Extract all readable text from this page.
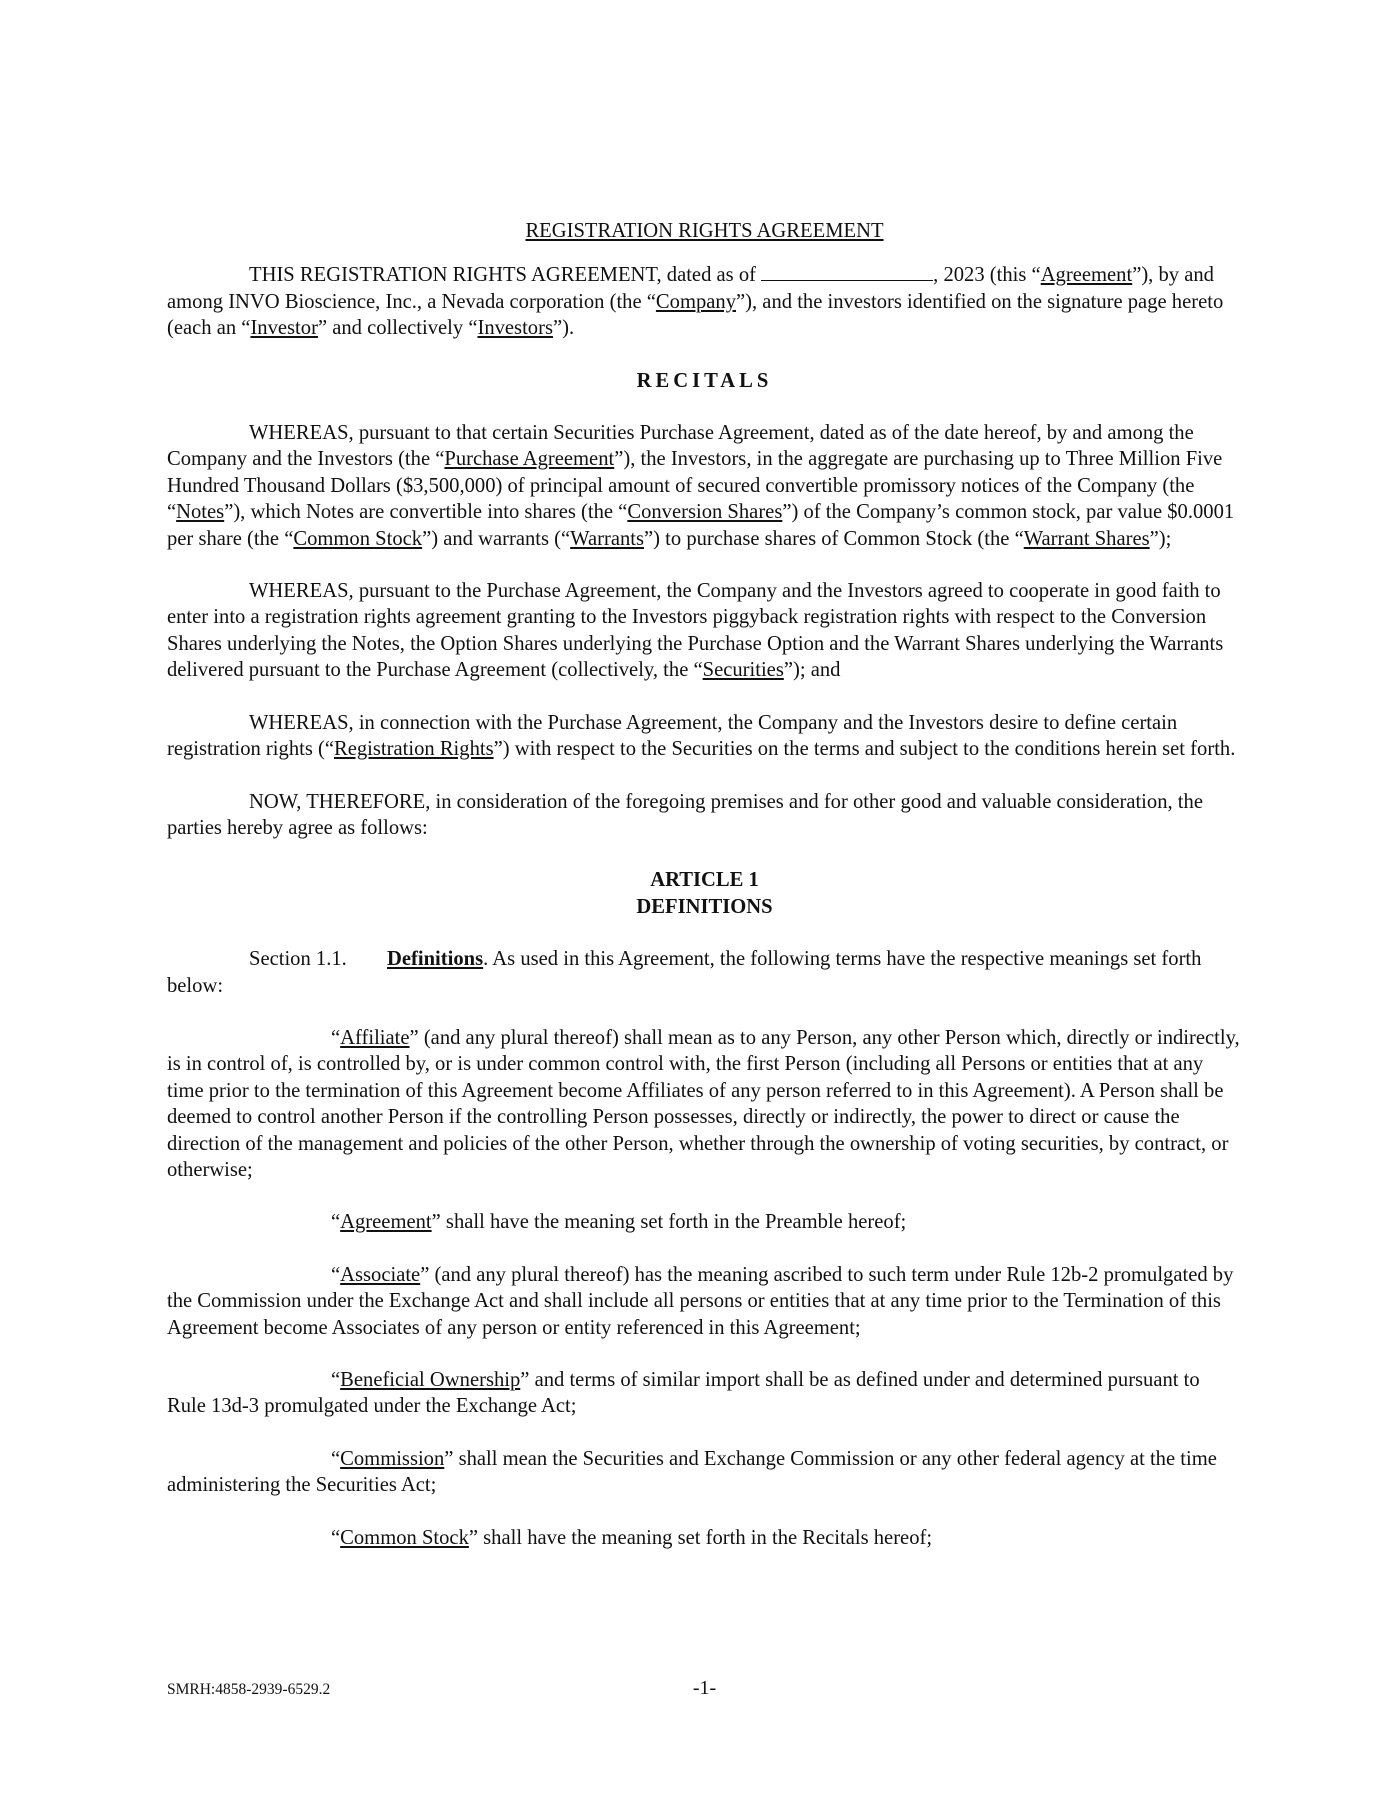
REGISTRATION RIGHTS AGREEMENT

THIS REGISTRATION RIGHTS AGREEMENT, dated as of	, 2023 (this “Agreement”), by and among INVO Bioscience, Inc., a Nevada corporation (the “Company”), and the investors identified on the signature page hereto (each an “Investor” and collectively “Investors”).

RECITALS

WHEREAS, pursuant to that certain Securities Purchase Agreement, dated as of the date hereof, by and among the Company and the Investors (the “Purchase Agreement”), the Investors, in the aggregate are purchasing up to Three Million Five Hundred Thousand Dollars ($3,500,000) of principal amount of secured convertible promissory notices of the Company (the “Notes”), which Notes are convertible into shares (the “Conversion Shares”) of the Company’s common stock, par value $0.0001 per share (the “Common Stock”) and warrants (“Warrants”) to purchase shares of Common Stock (the “Warrant Shares”);

WHEREAS, pursuant to the Purchase Agreement, the Company and the Investors agreed to cooperate in good faith to enter into a registration rights agreement granting to the Investors piggyback registration rights with respect to the Conversion Shares underlying the Notes, the Option Shares underlying the Purchase Option and the Warrant Shares underlying the Warrants delivered pursuant to the Purchase Agreement (collectively, the “Securities”); and

WHEREAS, in connection with the Purchase Agreement, the Company and the Investors desire to define certain registration rights (“Registration Rights”) with respect to the Securities on the terms and subject to the conditions herein set forth.

NOW, THEREFORE, in consideration of the foregoing premises and for other good and valuable consideration, the parties hereby agree as follows:

ARTICLE 1
DEFINITIONS

Section 1.1. Definitions. As used in this Agreement, the following terms have the respective meanings set forth below:

“Affiliate” (and any plural thereof) shall mean as to any Person, any other Person which, directly or indirectly, is in control of, is controlled by, or is under common control with, the first Person (including all Persons or entities that at any time prior to the termination of this Agreement become Affiliates of any person referred to in this Agreement). A Person shall be deemed to control another Person if the controlling Person possesses, directly or indirectly, the power to direct or cause the direction of the management and policies of the other Person, whether through the ownership of voting securities, by contract, or otherwise;

“Agreement” shall have the meaning set forth in the Preamble hereof;

“Associate” (and any plural thereof) has the meaning ascribed to such term under Rule 12b-2 promulgated by the Commission under the Exchange Act and shall include all persons or entities that at any time prior to the Termination of this Agreement become Associates of any person or entity referenced in this Agreement;

“Beneficial Ownership” and terms of similar import shall be as defined under and determined pursuant to Rule 13d-3 promulgated under the Exchange Act;

“Commission” shall mean the Securities and Exchange Commission or any other federal agency at the time administering the Securities Act;

“Common Stock” shall have the meaning set forth in the Recitals hereof;

SMRH:4858-2939-6529.2	-1-
